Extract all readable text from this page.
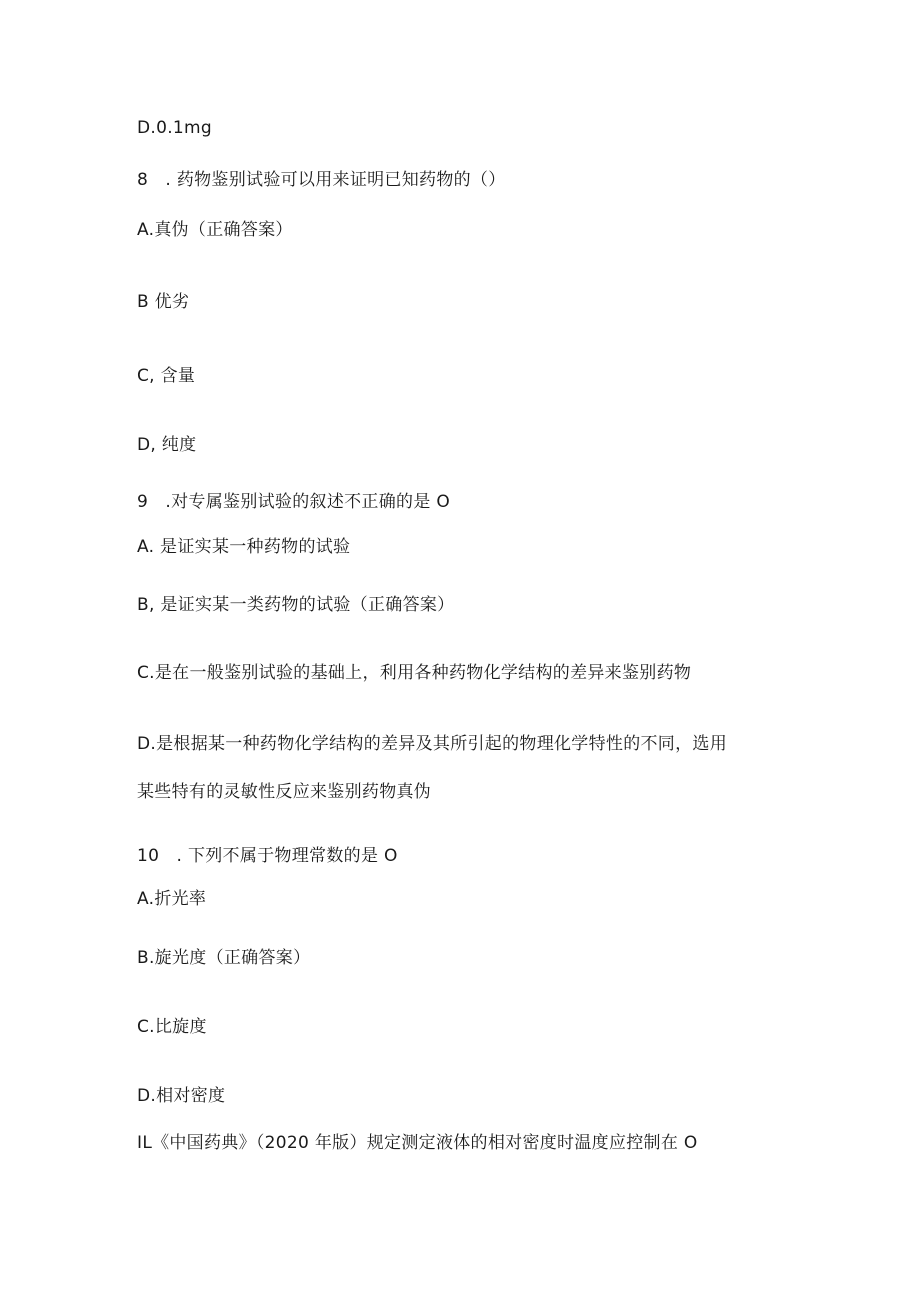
D.0.1mg
8　. 药物鉴别试验可以用来证明已知药物的（）
A.真伪（正确答案）
B 优劣
C, 含量
D, 纯度
9　.对专属鉴别试验的叙述不正确的是 O
A. 是证实某一种药物的试验
B, 是证实某一类药物的试验（正确答案）
C.是在一般鉴别试验的基础上，利用各种药物化学结构的差异来鉴别药物
D.是根据某一种药物化学结构的差异及其所引起的物理化学特性的不同，选用
某些特有的灵敏性反应来鉴别药物真伪
10　. 下列不属于物理常数的是 O
A.折光率
B.旋光度（正确答案）
C.比旋度
D.相对密度
IL《中国药典》（2020 年版）规定测定液体的相对密度时温度应控制在 O
